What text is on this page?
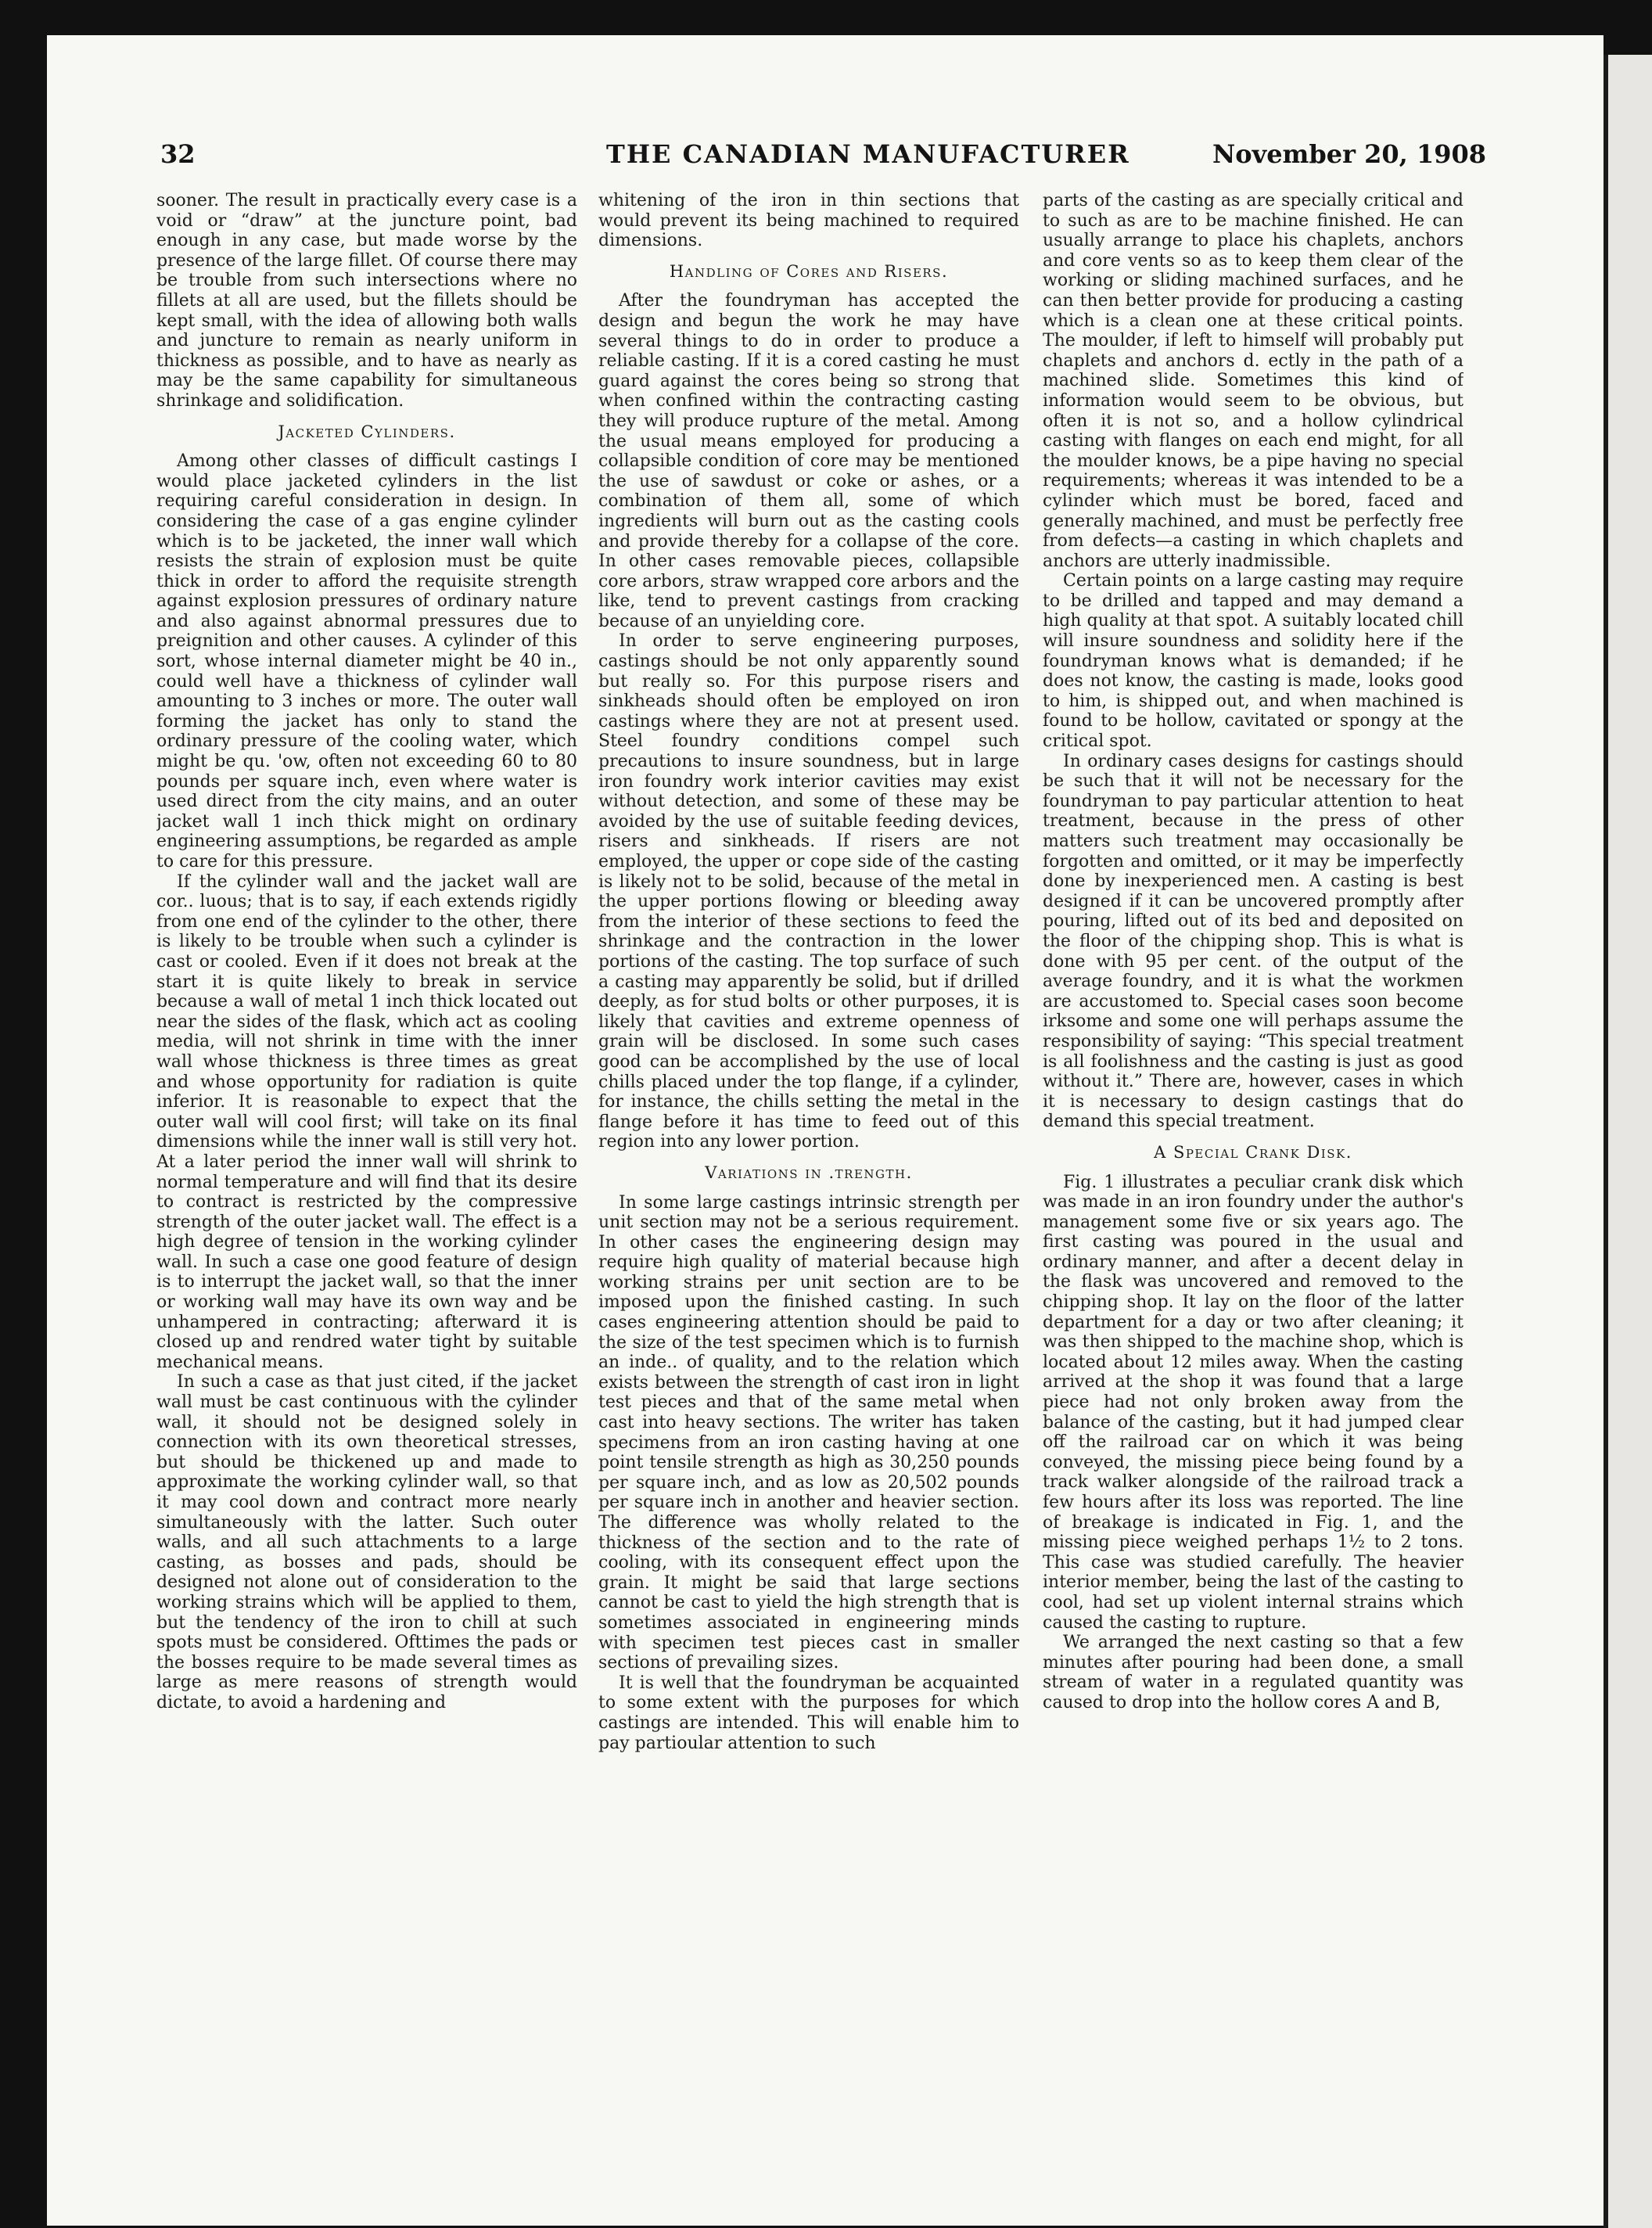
32	THE CANADIAN MANUFACTURER	November 20, 1908

sooner. The result in practically every case is a void or “draw” at the juncture point, bad enough in any case, but made worse by the presence of the large fillet. Of course there may be trouble from such intersections where no fillets at all are used, but the fillets should be kept small, with the idea of allowing both walls and juncture to remain as nearly uniform in thickness as possible, and to have as nearly as may be the same capability for simultaneous shrinkage and solidification.

Jacketed Cylinders.

Among other classes of difficult castings I would place jacketed cylinders in the list requiring careful consideration in design. In considering the case of a gas engine cylinder which is to be jacketed, the inner wall which resists the strain of explosion must be quite thick in order to afford the requisite strength against explosion pressures of ordinary nature and also against abnormal pressures due to preignition and other causes. A cylinder of this sort, whose internal diameter might be 40 in., could well have a thickness of cylinder wall amounting to 3 inches or more. The outer wall forming the jacket has only to stand the ordinary pressure of the cooling water, which might be qu. 'ow, often not exceeding 60 to 80 pounds per square inch, even where water is used direct from the city mains, and an outer jacket wall 1 inch thick might on ordinary engineering assumptions, be regarded as ample to care for this pressure.

If the cylinder wall and the jacket wall are cor.. luous; that is to say, if each extends rigidly from one end of the cylinder to the other, there is likely to be trouble when such a cylinder is cast or cooled. Even if it does not break at the start it is quite likely to break in service because a wall of metal 1 inch thick located out near the sides of the flask, which act as cooling media, will not shrink in time with the inner wall whose thickness is three times as great and whose opportunity for radiation is quite inferior. It is reasonable to expect that the outer wall will cool first; will take on its final dimensions while the inner wall is still very hot. At a later period the inner wall will shrink to normal temperature and will find that its desire to contract is restricted by the compressive strength of the outer jacket wall. The effect is a high degree of tension in the working cylinder wall. In such a case one good feature of design is to interrupt the jacket wall, so that the inner or working wall may have its own way and be unhampered in contracting; afterward it is closed up and rendred water tight by suitable mechanical means.

In such a case as that just cited, if the jacket wall must be cast continuous with the cylinder wall, it should not be designed solely in connection with its own theoretical stresses, but should be thickened up and made to approximate the working cylinder wall, so that it may cool down and contract more nearly simultaneously with the latter. Such outer walls, and all such attachments to a large casting, as bosses and pads, should be designed not alone out of consideration to the working strains which will be applied to them, but the tendency of the iron to chill at such spots must be considered. Ofttimes the pads or the bosses require to be made several times as large as mere reasons of strength would dictate, to avoid a hardening and

whitening of the iron in thin sections that would prevent its being machined to required dimensions.

Handling of Cores and Risers.

After the foundryman has accepted the design and begun the work he may have several things to do in order to produce a reliable casting. If it is a cored casting he must guard against the cores being so strong that when confined within the contracting casting they will produce rupture of the metal. Among the usual means employed for producing a collapsible condition of core may be mentioned the use of sawdust or coke or ashes, or a combination of them all, some of which ingredients will burn out as the casting cools and provide thereby for a collapse of the core. In other cases removable pieces, collapsible core arbors, straw wrapped core arbors and the like, tend to prevent castings from cracking because of an unyielding core.

In order to serve engineering purposes, castings should be not only apparently sound but really so. For this purpose risers and sinkheads should often be employed on iron castings where they are not at present used. Steel foundry conditions compel such precautions to insure soundness, but in large iron foundry work interior cavities may exist without detection, and some of these may be avoided by the use of suitable feeding devices, risers and sinkheads. If risers are not employed, the upper or cope side of the casting is likely not to be solid, because of the metal in the upper portions flowing or bleeding away from the interior of these sections to feed the shrinkage and the contraction in the lower portions of the casting. The top surface of such a casting may apparently be solid, but if drilled deeply, as for stud bolts or other purposes, it is likely that cavities and extreme openness of grain will be disclosed. In some such cases good can be accomplished by the use of local chills placed under the top flange, if a cylinder, for instance, the chills setting the metal in the flange before it has time to feed out of this region into any lower portion.

Variations in .trength.

In some large castings intrinsic strength per unit section may not be a serious requirement. In other cases the engineering design may require high quality of material because high working strains per unit section are to be imposed upon the finished casting. In such cases engineering attention should be paid to the size of the test specimen which is to furnish an inde.. of quality, and to the relation which exists between the strength of cast iron in light test pieces and that of the same metal when cast into heavy sections. The writer has taken specimens from an iron casting having at one point tensile strength as high as 30,250 pounds per square inch, and as low as 20,502 pounds per square inch in another and heavier section. The difference was wholly related to the thickness of the section and to the rate of cooling, with its consequent effect upon the grain. It might be said that large sections cannot be cast to yield the high strength that is sometimes associated in engineering minds with specimen test pieces cast in smaller sections of prevailing sizes.

It is well that the foundryman be acquainted to some extent with the purposes for which castings are intended. This will enable him to pay partioular attention to such

parts of the casting as are specially critical and to such as are to be machine finished. He can usually arrange to place his chaplets, anchors and core vents so as to keep them clear of the working or sliding machined surfaces, and he can then better provide for producing a casting which is a clean one at these critical points. The moulder, if left to himself will probably put chaplets and anchors d. ectly in the path of a machined slide. Sometimes this kind of information would seem to be obvious, but often it is not so, and a hollow cylindrical casting with flanges on each end might, for all the moulder knows, be a pipe having no special requirements; whereas it was intended to be a cylinder which must be bored, faced and generally machined, and must be perfectly free from defects—a casting in which chaplets and anchors are utterly inadmissible.

Certain points on a large casting may require to be drilled and tapped and may demand a high quality at that spot. A suitably located chill will insure soundness and solidity here if the foundryman knows what is demanded; if he does not know, the casting is made, looks good to him, is shipped out, and when machined is found to be hollow, cavitated or spongy at the critical spot.

In ordinary cases designs for castings should be such that it will not be necessary for the foundryman to pay particular attention to heat treatment, because in the press of other matters such treatment may occasionally be forgotten and omitted, or it may be imperfectly done by inexperienced men. A casting is best designed if it can be uncovered promptly after pouring, lifted out of its bed and deposited on the floor of the chipping shop. This is what is done with 95 per cent. of the output of the average foundry, and it is what the workmen are accustomed to. Special cases soon become irksome and some one will perhaps assume the responsibility of saying: “This special treatment is all foolishness and the casting is just as good without it.” There are, however, cases in which it is necessary to design castings that do demand this special treatment.

A Special Crank Disk.

Fig. 1 illustrates a peculiar crank disk which was made in an iron foundry under the author's management some five or six years ago. The first casting was poured in the usual and ordinary manner, and after a decent delay in the flask was uncovered and removed to the chipping shop. It lay on the floor of the latter department for a day or two after cleaning; it was then shipped to the machine shop, which is located about 12 miles away. When the casting arrived at the shop it was found that a large piece had not only broken away from the balance of the casting, but it had jumped clear off the railroad car on which it was being conveyed, the missing piece being found by a track walker alongside of the railroad track a few hours after its loss was reported. The line of breakage is indicated in Fig. 1, and the missing piece weighed perhaps 1½ to 2 tons. This case was studied carefully. The heavier interior member, being the last of the casting to cool, had set up violent internal strains which caused the casting to rupture.

We arranged the next casting so that a few minutes after pouring had been done, a small stream of water in a regulated quantity was caused to drop into the hollow cores A and B,
